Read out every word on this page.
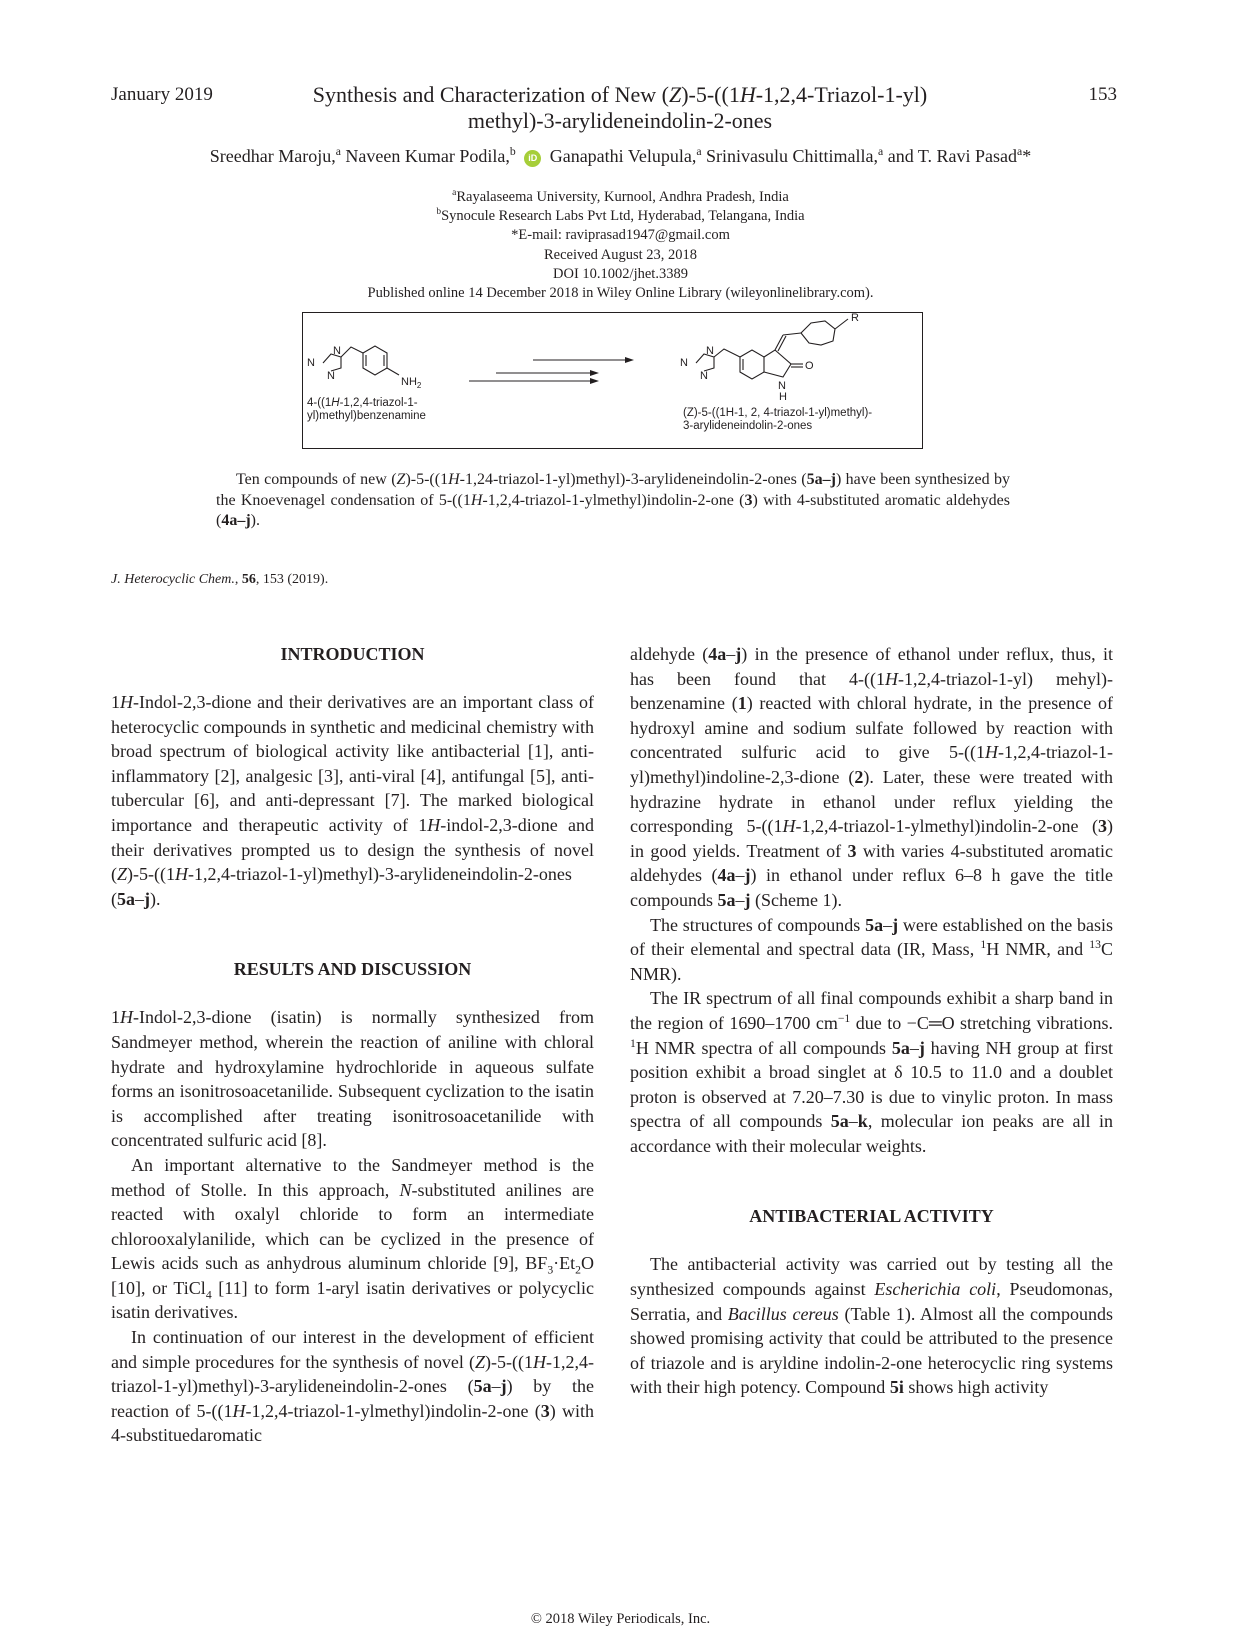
January 2019	Synthesis and Characterization of New (Z)-5-((1H-1,2,4-Triazol-1-yl)
methyl)-3-arylideneindolin-2-ones
153
Sreedhar Maroju,$^a$ Naveen Kumar Podila,$^b$ iD Ganapathi Velupula,$^a$ Srinivasulu Chittimalla,$^a$ and T. Ravi Pasad$^a$*
$^a$Rayalaseema University, Kurnool, Andhra Pradesh, India
$^b$Synocule Research Labs Pvt Ltd, Hyderabad, Telangana, India
*E-mail: raviprasad1947@gmail.com
Received August 23, 2018
DOI 10.1002/jhet.3389
Published online 14 December 2018 in Wiley Online Library (wileyonlinelibrary.com).
N
N
N	$NH_2$
N
N
N
R
O
N
H
4-((1H-1,2,4-triazol-1-
yl)methyl)benzenamine	(Z)-5-((1H-1, 2, 4-triazol-1-yl)methyl)-
3-arylideneindolin-2-ones

Ten compounds of new (Z)-5-((1H-1,24-triazol-1-yl)methyl)-3-arylideneindolin-2-ones (5a–j) have been synthesized by the Knoevenagel condensation of 5-((1H-1,2,4-triazol-1-ylmethyl)indolin-2-one (3) with 4-substituted aromatic aldehydes (4a–j).

J. Heterocyclic Chem., 56, 153 (2019).
INTRODUCTION

1H-Indol-2,3-dione and their derivatives are an important class of heterocyclic compounds in synthetic and medicinal chemistry with broad spectrum of biological activity like antibacterial [1], anti-inflammatory [2], analgesic [3], anti-viral [4], antifungal [5], anti-tubercular [6], and anti-depressant [7]. The marked biological importance and therapeutic activity of 1H-indol-2,3-dione and their derivatives prompted us to design the synthesis of novel (Z)-5-((1H-1,2,4-triazol-1-yl)methyl)-3-arylideneindolin-2-ones (5a–j).

RESULTS AND DISCUSSION

1H-Indol-2,3-dione (isatin) is normally synthesized from Sandmeyer method, wherein the reaction of aniline with chloral hydrate and hydroxylamine hydrochloride in aqueous sulfate forms an isonitrosoacetanilide. Subsequent cyclization to the isatin is accomplished after treating isonitrosoacetanilide with concentrated sulfuric acid [8].

An important alternative to the Sandmeyer method is the method of Stolle. In this approach, N-substituted anilines are reacted with oxalyl chloride to form an intermediate chlorooxalylanilide, which can be cyclized in the presence of Lewis acids such as anhydrous aluminum chloride [9], $BF_3\cdot Et_2O$ [10], or TiCl$_4$ [11] to form 1-aryl isatin derivatives or polycyclic isatin derivatives.

In continuation of our interest in the development of efficient and simple procedures for the synthesis of novel (Z)-5-((1H-1,2,4-triazol-1-yl)methyl)-3-arylideneindolin-2-ones (5a–j) by the reaction of 5-((1H-1,2,4-triazol-1-ylmethyl)indolin-2-one (3) with 4-substituedaromatic

aldehyde (4a–j) in the presence of ethanol under reflux, thus, it has been found that 4-((1H-1,2,4-triazol-1-yl) mehyl)-benzenamine (1) reacted with chloral hydrate, in the presence of hydroxyl amine and sodium sulfate followed by reaction with concentrated sulfuric acid to give 5-((1H-1,2,4-triazol-1-yl)methyl)indoline-2,3-dione (2). Later, these were treated with hydrazine hydrate in ethanol under reflux yielding the corresponding 5-((1H-1,2,4-triazol-1-ylmethyl)indolin-2-one (3) in good yields. Treatment of 3 with varies 4-substituted aromatic aldehydes (4a–j) in ethanol under reflux 6–8 h gave the title compounds 5a–j (Scheme 1).

The structures of compounds 5a–j were established on the basis of their elemental and spectral data (IR, Mass, $^1$H NMR, and $^{13}$C NMR).

The IR spectrum of all final compounds exhibit a sharp band in the region of 1690–1700 $cm^{-1}$ due to −C═O stretching vibrations. $^1$H NMR spectra of all compounds 5a–j having NH group at first position exhibit a broad singlet at δ 10.5 to 11.0 and a doublet proton is observed at 7.20–7.30 is due to vinylic proton. In mass spectra of all compounds 5a–k, molecular ion peaks are all in accordance with their molecular weights.

ANTIBACTERIAL ACTIVITY

The antibacterial activity was carried out by testing all the synthesized compounds against Escherichia coli, Pseudomonas, Serratia, and Bacillus cereus (Table 1). Almost all the compounds showed promising activity that could be attributed to the presence of triazole and is aryldine indolin-2-one heterocyclic ring systems with their high potency. Compound 5i shows high activity

© 2018 Wiley Periodicals, Inc.
